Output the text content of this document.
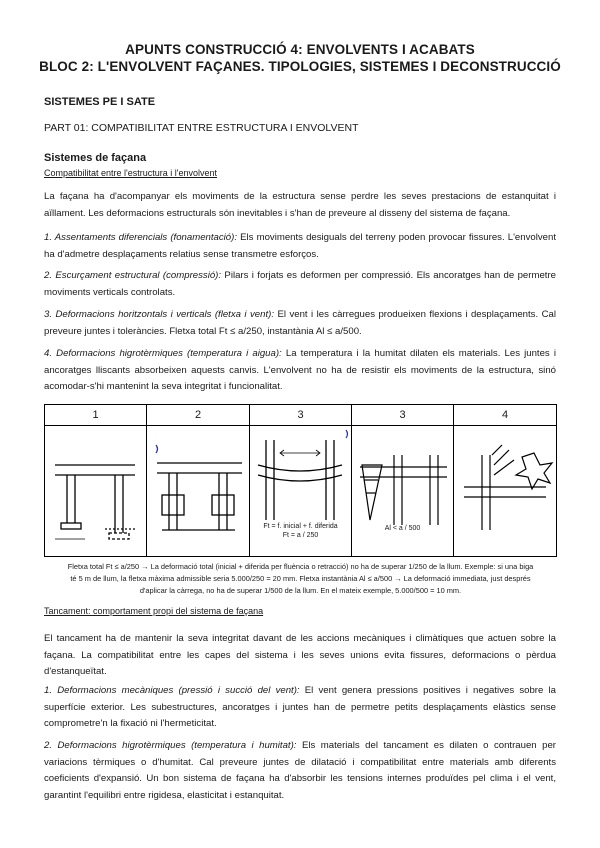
APUNTS CONSTRUCCIÓ 4: ENVOLVENTS I ACABATS
BLOC 2: L'ENVOLVENT FAÇANES. TIPOLOGIES, SISTEMES I DECONSTRUCCIÓ
SISTEMES PE I SATE
PART 01: COMPATIBILITAT ENTRE ESTRUCTURA I ENVOLVENT
Sistemes de façana
Compatibilitat entre l'estructura i l'envolvent
La façana ha d'acompanyar els moviments de la estructura sense perdre les seves prestacions de estanquitat i aïllament. Les deformacions estructurals són inevitables i s'han de preveure al disseny del sistema de façana.
1. Assentaments diferencials (fonamentació): Els moviments desiguals del terreny poden provocar fissures. L'envolvent ha d'admetre desplaçaments relatius sense transmetre esforços.
2. Escurçament estructural (compressió): Pilars i forjats es deformen per compressió. Els ancoratges han de permetre moviments verticals controlats.
3. Deformacions horitzontals i verticals (fletxa i vent): El vent i les càrregues produeixen flexions i desplaçaments. Cal preveure juntes i toleràncies. Fletxa total Ft ≤ a/250, instantània Al ≤ a/500.
4. Deformacions higrotèrmiques (temperatura i aigua): La temperatura i la humitat dilaten els materials. Les juntes i ancoratges lliscants absorbeixen aquests canvis. L'envolvent no ha de resistir els moviments de la estructura, sinó acomodar-s'hi mantenint la seva integritat i funcionalitat.
1	2	3
Ft = f. inicial + f. diferida
Ft = a / 250
3
Al < a / 500
4
Fletxa total Ft ≤ a/250 → La deformació total (inicial + diferida per fluència o retracció) no ha de superar 1/250 de la llum. Exemple: si una biga
té 5 m de llum, la fletxa màxima admissible seria 5.000/250 = 20 mm. Fletxa instantània Al ≤ a/500 → La deformació immediata, just després
d'aplicar la càrrega, no ha de superar 1/500 de la llum. En el mateix exemple, 5.000/500 = 10 mm.
Tancament: comportament propi del sistema de façana
El tancament ha de mantenir la seva integritat davant de les accions mecàniques i climàtiques que actuen sobre la façana. La compatibilitat entre les capes del sistema i les seves unions evita fissures, deformacions o pèrdua d'estanqueïtat.
1. Deformacions mecàniques (pressió i succió del vent): El vent genera pressions positives i negatives sobre la superfície exterior. Les subestructures, ancoratges i juntes han de permetre petits desplaçaments elàstics sense comprometre'n la fixació ni l'hermeticitat.
2. Deformacions higrotèrmiques (temperatura i humitat): Els materials del tancament es dilaten o contrauen per variacions tèrmiques o d'humitat. Cal preveure juntes de dilatació i compatibilitat entre materials amb diferents coeficients d'expansió. Un bon sistema de façana ha d'absorbir les tensions internes produïdes pel clima i el vent, garantint l'equilibri entre rigidesa, elasticitat i estanquitat.
